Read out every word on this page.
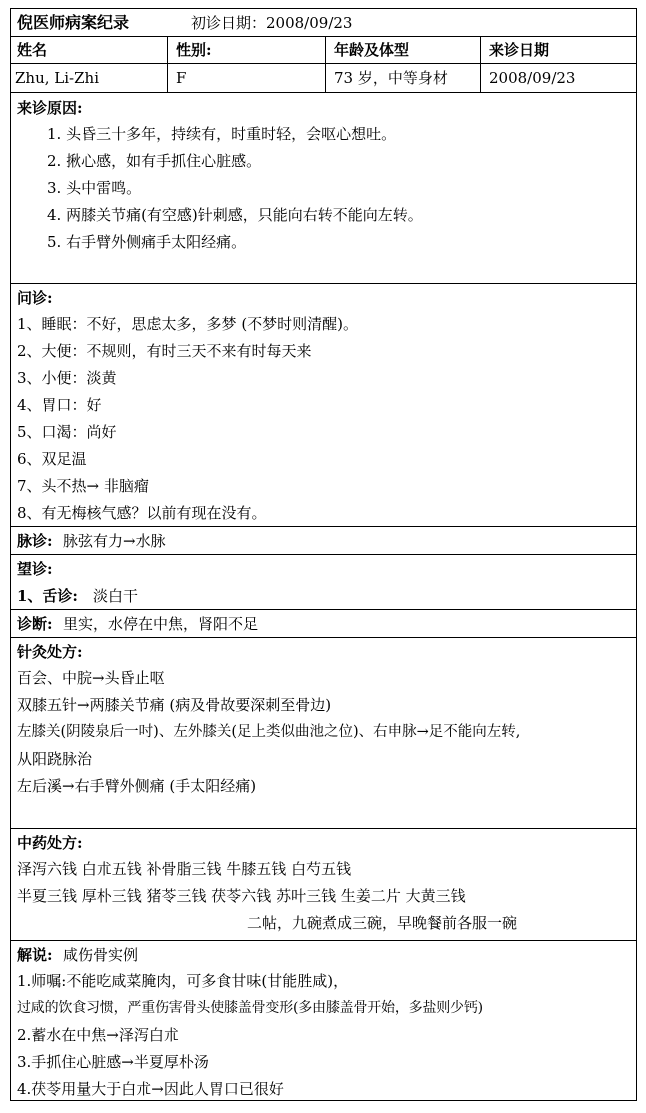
倪医师病案纪录	初诊日期：2008/09/23
姓名	性别:	年龄及体型	来诊日期
Zhu, Li-Zhi	F	73 岁，中等身材	2008/09/23
来诊原因:
1. 头昏三十多年，持续有，时重时轻，会呕心想吐。
2. 揪心感，如有手抓住心脏感。
3. 头中雷鸣。
4. 两膝关节痛(有空感)针刺感，只能向右转不能向左转。
5. 右手臂外侧痛手太阳经痛。
问诊:
1、睡眠：不好，思虑太多，多梦 (不梦时则清醒)。
2、大便：不规则，有时三天不来有时每天来
3、小便：淡黄
4、胃口：好
5、口渴：尚好
6、双足温
7、头不热→ 非脑瘤
8、有无梅核气感？以前有现在没有。
脉诊: 脉弦有力→水脉
望诊:
1、舌诊: 淡白干
诊断: 里实，水停在中焦，肾阳不足
针灸处方:
百会、中脘→头昏止呕
双膝五针→两膝关节痛 (病及骨故要深刺至骨边)
左膝关(阴陵泉后一吋)、左外膝关(足上类似曲池之位)、右申脉→足不能向左转,
从阳跷脉治
左后溪→右手臂外侧痛 (手太阳经痛)
中药处方:
泽泻六钱 白朮五钱 补骨脂三钱 牛膝五钱 白芍五钱
半夏三钱 厚朴三钱 猪苓三钱 茯苓六钱 苏叶三钱 生姜二片 大黄三钱
二帖，九碗煮成三碗，早晚餐前各服一碗
解说: 咸伤骨实例
1.师嘱:不能吃咸菜腌肉，可多食甘味(甘能胜咸)，
过咸的饮食习惯，严重伤害骨头使膝盖骨变形(多由膝盖骨开始，多盐则少钙)
2.蓄水在中焦→泽泻白朮
3.手抓住心脏感→半夏厚朴汤
4.茯苓用量大于白朮→因此人胃口已很好
